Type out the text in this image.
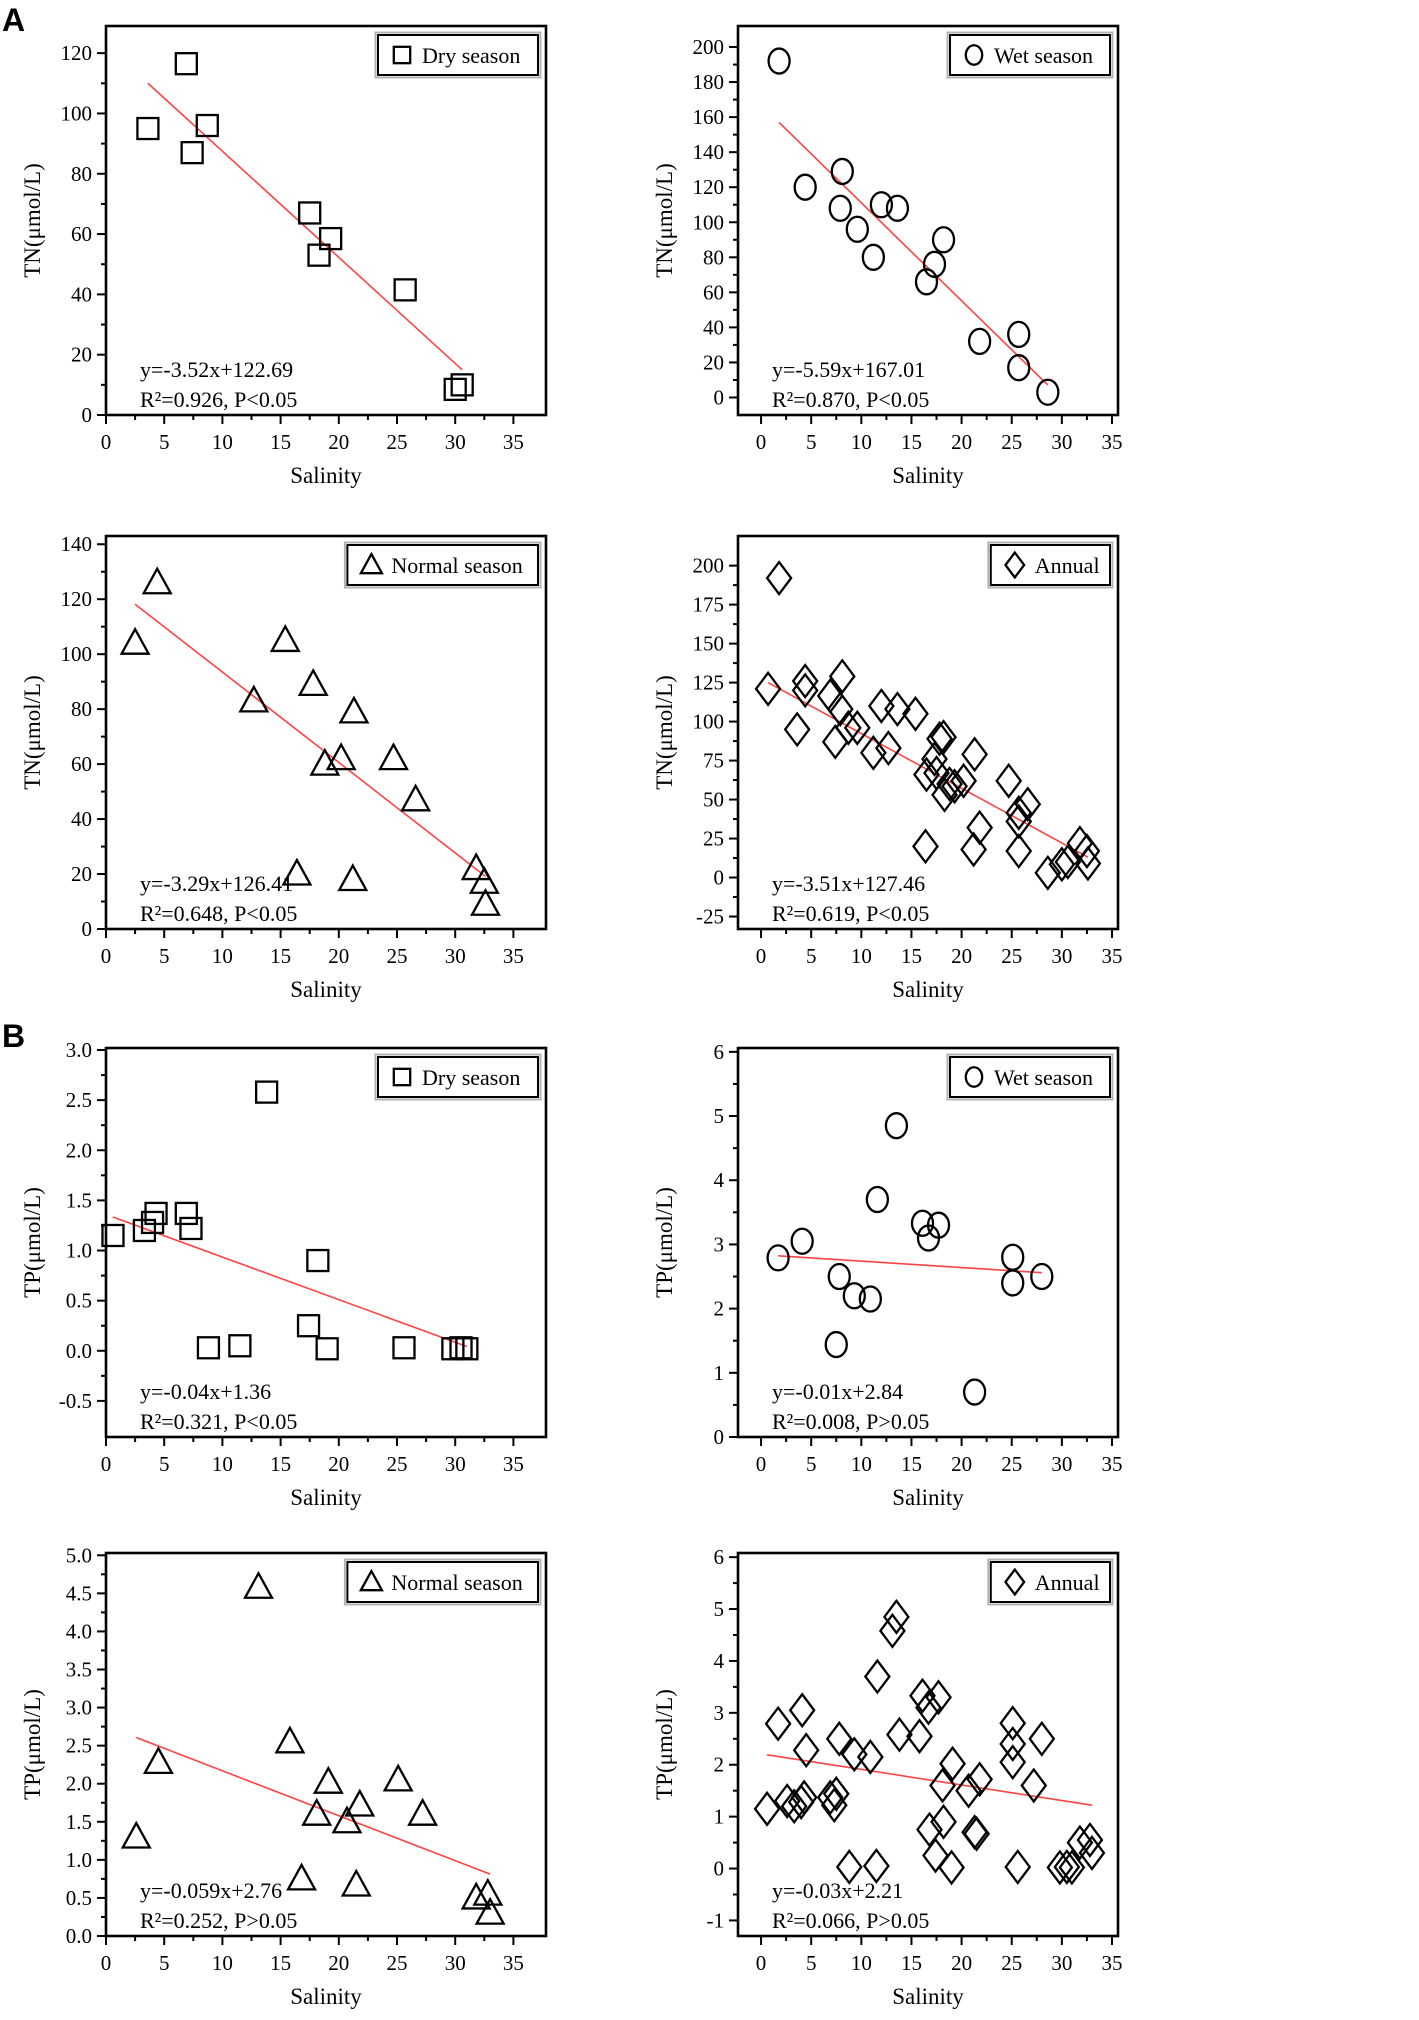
A
B
0 5 10 15 20 25 30 35
0
20
40
60
80
100
120
y=-3.52x+122.69
R²=0.926, P<0.05
Salinity
TN(μmol/L)
Dry season
0 5 10 15 20 25 30 35
0
20
40
60
80
100
120
140
160
180
200
y=-5.59x+167.01
R²=0.870, P<0.05
Salinity
TN(μmol/L)
Wet season
0 5 10 15 20 25 30 35
0
20
40
60
80
100
120
140
y=-3.29x+126.41
R²=0.648, P<0.05
Salinity
TN(μmol/L)
Normal season
0 5 10 15 20 25 30 35
-25
0
25
50
75
100
125
150
175
200
y=-3.51x+127.46
R²=0.619, P<0.05
Salinity
TN(μmol/L)
Annual
0 5 10 15 20 25 30 35
-0.5
0.0
0.5
1.0
1.5
2.0
2.5
3.0
y=-0.04x+1.36
R²=0.321, P<0.05
Salinity
TP(μmol/L)
Dry season
0 5 10 15 20 25 30 35
0
1
2
3
4
5
6
y=-0.01x+2.84
R²=0.008, P>0.05
Salinity
TP(μmol/L)
Wet season
0 5 10 15 20 25 30 35
0.0
0.5
1.0
1.5
2.0
2.5
3.0
3.5
4.0
4.5
5.0
y=-0.059x+2.76
R²=0.252, P>0.05
Salinity
TP(μmol/L)
Normal season
0 5 10 15 20 25 30 35
-1
0
1
2
3
4
5
6
y=-0.03x+2.21
R²=0.066, P>0.05
Salinity
TP(μmol/L)
Annual
